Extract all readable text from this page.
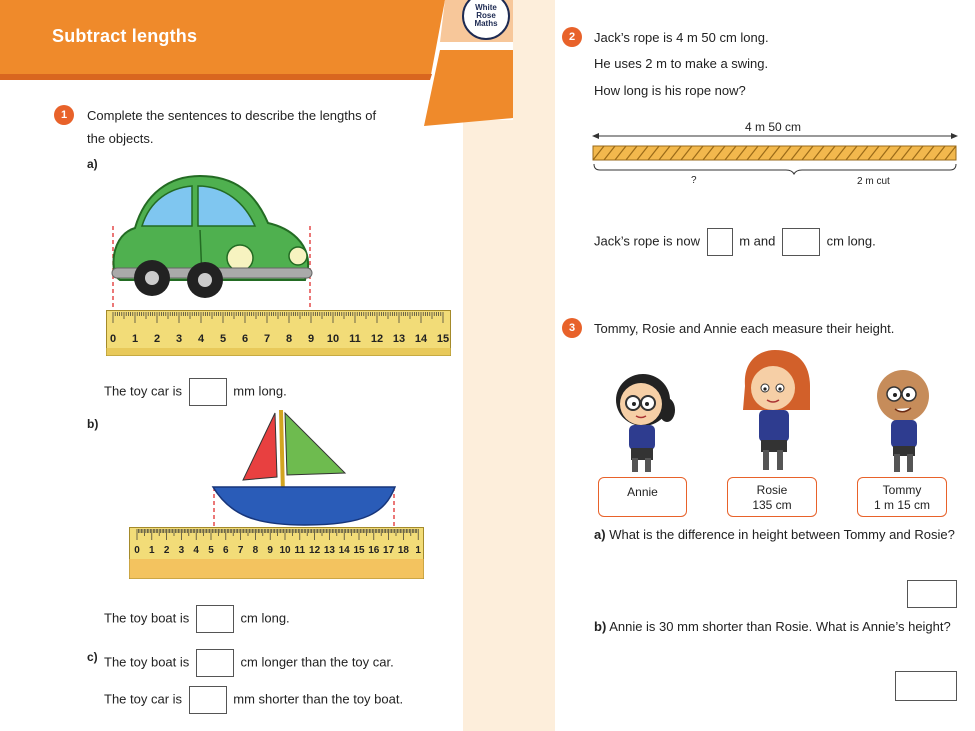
Subtract lengths
White
Rose
Maths
1	Complete the sentences to describe the lengths of
the objects.
a)
0 1 2 3 4 5 6 7 8 9 10 11 12 13 14 15
The toy car is	mm long.
b)
0 1 2 3 4 5 6 7 8 9 10 11 12 13 14 15 16 17 18 1
The toy boat is	cm long.
c) The toy boat is	cm longer than the toy car.
The toy car is	mm shorter than the toy boat.
2	Jack’s rope is 4 m 50 cm long.
He uses 2 m to make a swing.
How long is his rope now?
4 m 50 cm
?	2 m cut
Jack’s rope is now	m and	cm long.
3	Tommy, Rosie and Annie each measure their height.
Annie	Rosie
135 cm
Tommy
1 m 15 cm
a) What is the difference in height between Tommy and Rosie?
b) Annie is 30 mm shorter than Rosie. What is Annie’s height?
